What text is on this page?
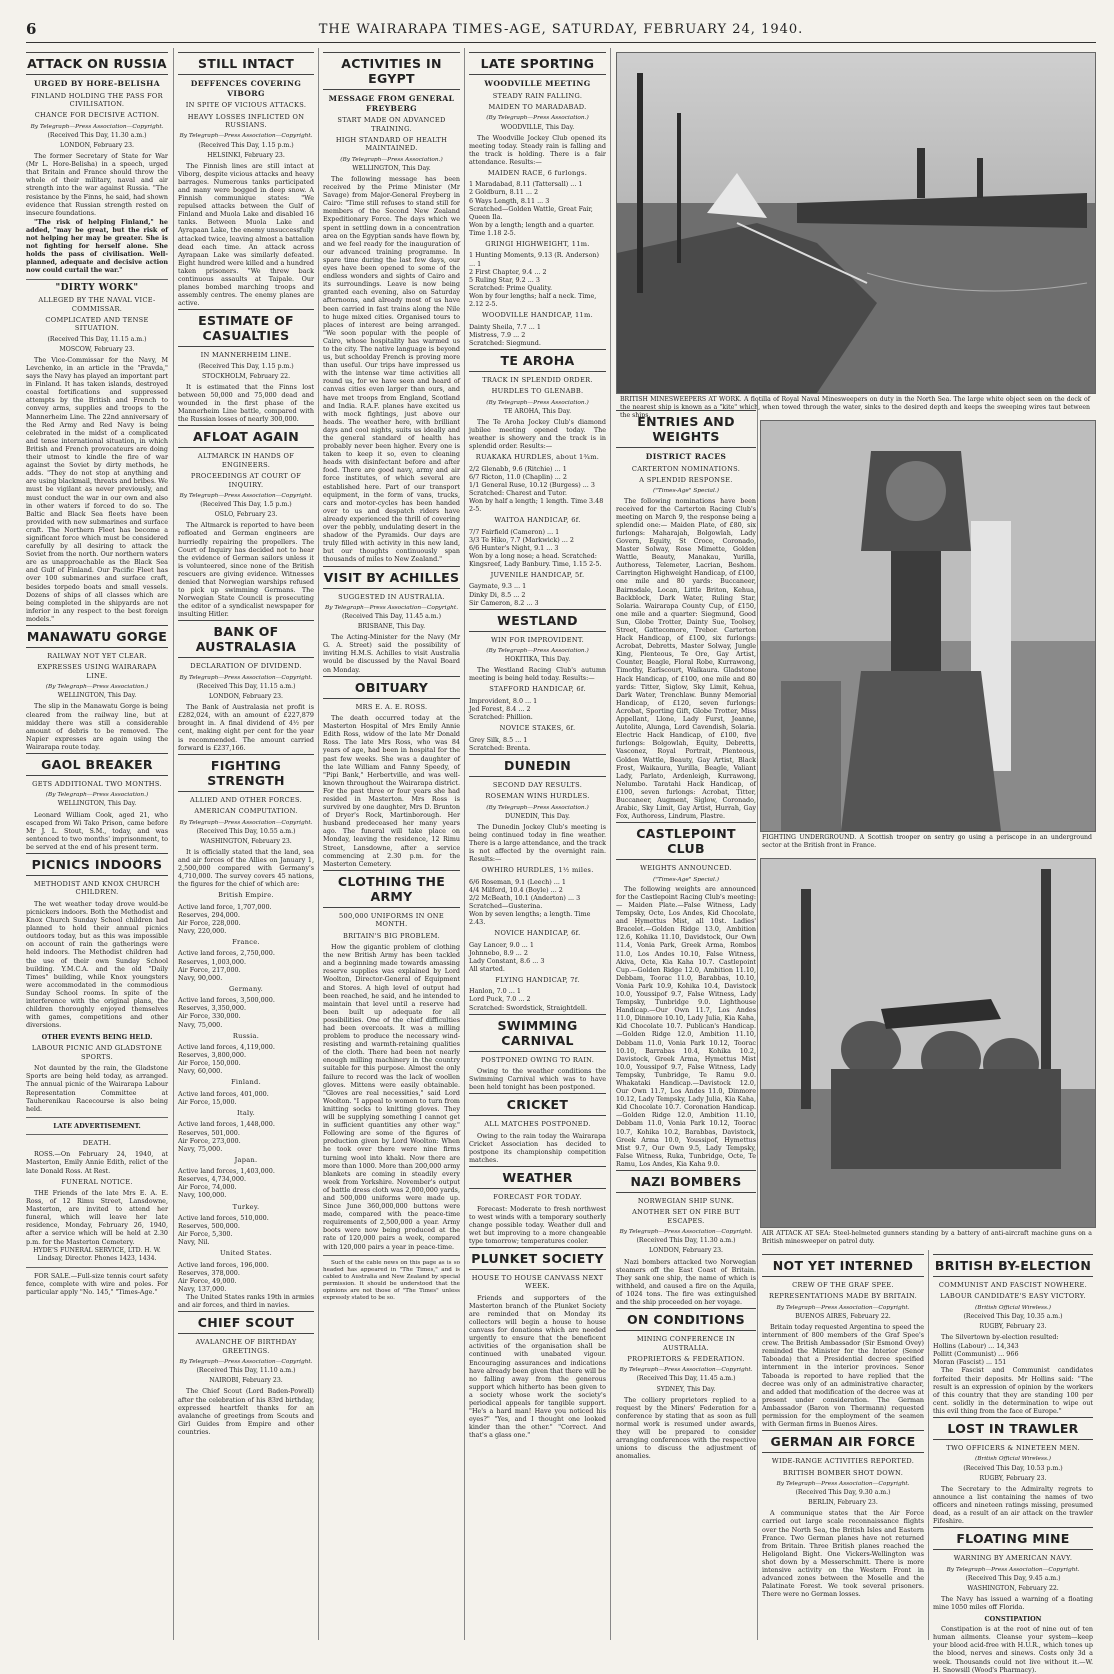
6	THE WAIRARAPA TIMES-AGE, SATURDAY, FEBRUARY 24, 1940.
ATTACK ON RUSSIA
URGED BY HORE-BELISHA
FINLAND HOLDING THE PASS FOR CIVILISATION.
CHANCE FOR DECISIVE ACTION.
By Telegraph—Press Association—Copyright.
(Received This Day, 11.30 a.m.)
LONDON, February 23.

The former Secretary of State for War (Mr L. Hore-Belisha) in a speech, urged that Britain and France should throw the whole of their military, naval and air strength into the war against Russia. "The resistance by the Finns, he said, had shown evidence that Russian strength rested on insecure foundations.

"The risk of helping Finland," he added, "may be great, but the risk of not helping her may be greater. She is not fighting for herself alone. She holds the pass of civilisation. Well-planned, adequate and decisive action now could curtail the war."

"DIRTY WORK"
ALLEGED BY THE NAVAL VICE-COMMISSAR.
COMPLICATED AND TENSE SITUATION.
(Received This Day, 11.15 a.m.)
MOSCOW, February 23.

The Vice-Commissar for the Navy, M Levchenko, in an article in the "Pravda," says the Navy has played an important part in Finland. It has taken islands, destroyed coastal fortifications and suppressed attempts by the British and French to convey arms, supplies and troops to the Mannerheim Line. The 22nd anniversary of the Red Army and Red Navy is being celebrated in the midst of a complicated and tense international situation, in which British and French provocateurs are doing their utmost to kindle the fire of war against the Soviet by dirty methods, he adds. "They do not stop at anything and are using blackmail, threats and bribes. We must be vigilant as never previously, and must conduct the war in our own and also in other waters if forced to do so. The Baltic and Black Sea fleets have been provided with new submarines and surface craft. The Northern Fleet has become a significant force which must be considered carefully by all desiring to attack the Soviet from the north. Our northern waters are as unapproachable as the Black Sea and Gulf of Finland. Our Pacific Fleet has over 100 submarines and surface craft, besides torpedo boats and small vessels. Dozens of ships of all classes which are being completed in the shipyards are not inferior in any respect to the best foreign models."

MANAWATU GORGE
RAILWAY NOT YET CLEAR.
EXPRESSES USING WAIRARAPA LINE.
(By Telegraph—Press Association.)
WELLINGTON, This Day.

The slip in the Manawatu Gorge is being cleared from the railway line, but at midday there was still a considerable amount of debris to be removed. The Napier expresses are again using the Wairarapa route today.

GAOL BREAKER
GETS ADDITIONAL TWO MONTHS.
(By Telegraph—Press Association.)
WELLINGTON, This Day.

Leonard William Cook, aged 21, who escaped from Wi Tako Prison, came before Mr J. L. Stout, S.M., today, and was sentenced to two months' imprisonment, to be served at the end of his present term.

PICNICS INDOORS
METHODIST AND KNOX CHURCH CHILDREN.

The wet weather today drove would-be picnickers indoors. Both the Methodist and Knox Church Sunday School children had planned to hold their annual picnics outdoors today, but as this was impossible on account of rain the gatherings were held indoors. The Methodist children had the use of their own Sunday School building. Y.M.C.A. and the old "Daily Times" building, while Knox youngsters were accommodated in the commodious Sunday School rooms. In spite of the interference with the original plans, the children thoroughly enjoyed themselves with games, competitions and other diversions.

OTHER EVENTS BEING HELD.
LABOUR PICNIC AND GLADSTONE SPORTS.

Not daunted by the rain, the Gladstone Sports are being held today, as arranged. The annual picnic of the Wairarapa Labour Representation Committee at Tauherenikau Racecourse is also being held.

LATE ADVERTISEMENT.
DEATH.

ROSS.—On February 24, 1940, at Masterton, Emily Annie Edith, relict of the late Donald Ross. At Rest.

FUNERAL NOTICE.

THE Friends of the late Mrs E. A. E. Ross, of 12 Rimu Street, Lansdowne, Masterton, are invited to attend her funeral, which will leave her late residence, Monday, February 26, 1940, after a service which will be held at 2.30 p.m. for the Masterton Cemetery.

HYDE'S FUNERAL SERVICE, LTD. H. W. Lindsay, Director. Phones 1423, 1434.

FOR SALE.—Full-size tennis court safety fence, complete with wire and poles. For particular apply "No. 145," "Times-Age."

STILL INTACT
DEFFENCES COVERING VIBORG
IN SPITE OF VICIOUS ATTACKS.
HEAVY LOSSES INFLICTED ON RUSSIANS.
By Telegraph—Press Association—Copyright.
(Received This Day, 1.15 p.m.)
HELSINKI, February 23.

The Finnish lines are still intact at Viborg, despite vicious attacks and heavy barrages. Numerous tanks participated and many were bogged in deep snow. A Finnish communique states: "We repulsed attacks between the Gulf of Finland and Muola Lake and disabled 16 tanks. Between Muola Lake and Ayrapaan Lake, the enemy unsuccessfully attacked twice, leaving almost a battalion dead each time. An attack across Ayrapaan Lake was similarly defeated. Eight hundred were killed and a hundred taken prisoners. "We threw back continuous assaults at Taipale. Our planes bombed marching troops and assembly centres. The enemy planes are active.

ESTIMATE OF CASUALTIES
IN MANNERHEIM LINE.
(Received This Day, 1.15 p.m.)
STOCKHOLM, February 22.

It is estimated that the Finns lost between 50,000 and 75,000 dead and wounded in the first phase of the Mannerheim Line battle, compared with the Russian losses of nearly 300,000.

AFLOAT AGAIN
ALTMARCK IN HANDS OF ENGINEERS.
PROCEEDINGS AT COURT OF INQUIRY.
By Telegraph—Press Association—Copyright.
(Received This Day, 1.5 p.m.)
OSLO, February 23.

The Altmarck is reported to have been refloated and German engineers are hurriedly repairing the propellers. The Court of Inquiry has decided not to hear the evidence of German sailors unless it is volunteered, since none of the British rescuers are giving evidence. Witnesses denied that Norwegian warships refused to pick up swimming Germans. The Norwegian State Council is prosecuting the editor of a syndicalist newspaper for insulting Hitler.

BANK OF AUSTRALASIA
DECLARATION OF DIVIDEND.
By Telegraph—Press Association—Copyright.
(Received This Day, 11.15 a.m.)
LONDON, February 23.

The Bank of Australasia net profit is £282,024, with an amount of £227,879 brought in. A final dividend of 4½ per cent, making eight per cent for the year is recommended. The amount carried forward is £237,166.

FIGHTING STRENGTH
ALLIED AND OTHER FORCES.
AMERICAN COMPUTATION.
By Telegraph—Press Association—Copyright.
(Received This Day, 10.55 a.m.)
WASHINGTON, February 23.

It is officially stated that the land, sea and air forces of the Allies on January 1, 2,500,000 compared with Germany's 4,710,000. The survey covers 45 nations, the figures for the chief of which are:

British Empire.
Active land force, 1,707,000.
Reserves, 294,000.
Air Force, 228,000.
Navy, 220,000.
France.
Active land forces, 2,750,000.
Reserves, 1,003,000.
Air Force, 217,000.
Navy, 90,000.
Germany.
Active land forces, 3,500,000.
Reserves, 3,350,000.
Air Force, 330,000.
Navy, 75,000.
Russia.
Active land forces, 4,119,000.
Reserves, 3,800,000.
Air Force, 150,000.
Navy, 60,000.
Finland.
Active land forces, 401,000.
Air Force, 15,000.
Italy.
Active land forces, 1,448,000.
Reserves, 501,000.
Air Force, 273,000.
Navy, 75,000.
Japan.
Active land forces, 1,403,000.
Reserves, 4,734,000.
Air Force, 74,000.
Navy, 100,000.
Turkey.
Active land forces, 510,000.
Reserves, 500,000.
Air Force, 5,300.
Navy, Nil.
United States.
Active land forces, 196,000.
Reserves, 378,000.
Air Force, 49,000.
Navy, 137,000.

The United States ranks 19th in armies and air forces, and third in navies.

CHIEF SCOUT
AVALANCHE OF BIRTHDAY GREETINGS.
By Telegraph—Press Association—Copyright.
(Received This Day, 11.10 a.m.)
NAIROBI, February 23.

The Chief Scout (Lord Baden-Powell) after the celebration of his 83rd birthday, expressed heartfelt thanks for an avalanche of greetings from Scouts and Girl Guides from Empire and other countries.

ACTIVITIES IN EGYPT
MESSAGE FROM GENERAL FREYBERG
START MADE ON ADVANCED TRAINING.
HIGH STANDARD OF HEALTH MAINTAINED.
(By Telegraph—Press Association.)
WELLINGTON, This Day.

The following message has been received by the Prime Minister (Mr Savage) from Major-General Freyberg in Cairo: "Time still refuses to stand still for members of the Second New Zealand Expeditionary Force. The days which we spent in settling down in a concentration area on the Egyptian sands have flown by, and we feel ready for the inauguration of our advanced training programme. In spare time during the last few days, our eyes have been opened to some of the endless wonders and sights of Cairo and its surroundings. Leave is now being granted each evening, also on Saturday afternoons, and already most of us have been carried in fast trains along the Nile to huge mixed cities. Organised tours to places of interest are being arranged. "We soon popular with the people of Cairo, whose hospitality has warmed us to the city. The native language is beyond us, but schoolday French is proving more than useful. Our trips have impressed us with the intense war time activities all round us, for we have seen and heard of canvas cities even larger than ours, and have met troops from England, Scotland and India. R.A.F. planes have excited us with mock fightings, just above our heads. The weather here, with brilliant days and cool nights, suits us ideally and the general standard of health has probably never been higher. Every one is taken to keep it so, even to cleaning heads with disinfectant before and after food. There are good navy, army and air force institutes, of which several are established here. Part of our transport equipment, in the form of vans, trucks, cars and motor-cycles has been handed over to us and despatch riders have already experienced the thrill of covering over the pebbly, undulating desert in the shadow of the Pyramids. Our days are truly filled with activity in this new land, but our thoughts continuously span thousands of miles to New Zealand."

VISIT BY ACHILLES
SUGGESTED IN AUSTRALIA.
By Telegraph—Press Association—Copyright.
(Received This Day, 11.45 a.m.)
BRISBANE, This Day.

The Acting-Minister for the Navy (Mr G. A. Street) said the possibility of inviting H.M.S. Achilles to visit Australia would be discussed by the Naval Board on Monday.

OBITUARY
MRS E. A. E. ROSS.

The death occurred today at the Masterton Hospital of Mrs Emily Annie Edith Ross, widow of the late Mr Donald Ross. The late Mrs Ross, who was 84 years of age, had been in hospital for the past few weeks. She was a daughter of the late William and Fanny Speedy, of "Pipi Bank," Herbertville, and was well-known throughout the Wairarapa district. For the past three or four years she had resided in Masterton. Mrs Ross is survived by one daughter, Mrs D. Brunton of Dryer's Rock, Martinborough. Her husband predeceased her many years ago. The funeral will take place on Monday, leaving the residence, 12 Rimu Street, Lansdowne, after a service commencing at 2.30 p.m. for the Masterton Cemetery.

CLOTHING THE ARMY
500,000 UNIFORMS IN ONE MONTH.
BRITAIN'S BIG PROBLEM.

How the gigantic problem of clothing the new British Army has been tackled and a beginning made towards amassing reserve supplies was explained by Lord Woolton, Director-General of Equipment and Stores. A high level of output had been reached, he said, and he intended to maintain that level until a reserve had been built up adequate for all possibilities. One of the chief difficulties had been overcoats. It was a milling problem to produce the necessary wind-resisting and warmth-retaining qualities of the cloth. There had been not nearly enough milling machinery in the country suitable for this purpose. Almost the only failure to record was the lack of woollen gloves. Mittens were easily obtainable. "Gloves are real necessities," said Lord Woolton. "I appeal to women to turn from knitting socks to knitting gloves. They will be supplying something I cannot get in sufficient quantities any other way." Following are some of the figures of production given by Lord Woolton: When he took over there were nine firms turning wool into khaki. Now there are more than 1000. More than 200,000 army blankets are coming in steadily every week from Yorkshire. November's output of battle dress cloth was 2,000,000 yards, and 500,000 uniforms were made up. Since June 360,000,000 buttons were made, compared with the peace-time requirements of 2,500,000 a year. Army boots were now being produced at the rate of 120,000 pairs a week, compared with 120,000 pairs a year in peace-time.

Such of the cable news on this page as is so headed has appeared in "The Times," and is cabled to Australia and New Zealand by special permission. It should be understood that the opinions are not those of "The Times" unless expressly stated to be so.

LATE SPORTING
WOODVILLE MEETING
STEADY RAIN FALLING.
MAIDEN TO MARADABAD.
(By Telegraph—Press Association.)
WOODVILLE, This Day.

The Woodville Jockey Club opened its meeting today. Steady rain is falling and the track is holding. There is a fair attendance. Results:—

MAIDEN RACE, 6 furlongs.
1 Maradabad, 8.11 (Tattersall) ... 1
2 Goldburn, 8.11 ... 2
6 Ways Length, 8.11 ... 3
Scratched—Golden Wattle, Great Fair, Queen Ila.
Won by a length; length and a quarter. Time 1.18 2-5.
GRINGI HIGHWEIGHT, 11m.
1 Hunting Moments, 9.13 (R. Anderson) ... 1
2 First Chapter, 9.4 ... 2
5 Ruling Star, 9.2 ... 3
Scratched: Prime Quality.
Won by four lengths; half a neck. Time, 2.12 2-5.
WOODVILLE HANDICAP, 11m.
Dainty Sheila, 7.7 ... 1
Mistress, 7.9 ... 2
Scratched: Siegmund.
TE AROHA
TRACK IN SPLENDID ORDER.
HURDLES TO GLENABB.
(By Telegraph—Press Association.)
TE AROHA, This Day.

The Te Aroha Jockey Club's diamond jubilee meeting opened today. The weather is showery and the track is in splendid order. Results:—

RUAKAKA HURDLES, about 1¾m.
2/2 Glenabb, 9.6 (Ritchie) ... 1
6/7 Ricton, 11.0 (Chaplin) ... 2
1/1 General Ruse, 10.12 (Burgess) ... 3
Scratched: Charest and Tutor.
Won by half a length; 1 length. Time 3.48 2-5.
WAITOA HANDICAP, 6f.
7/7 Fairfield (Cameron) ... 1
3/3 Te Hiko, 7.7 (Markwick) ... 2
6/6 Hunter's Night, 9.1 ... 3
Won by a long nose; a head. Scratched: Kingsreef, Lady Banbury. Time, 1.15 2-5.
JUVENILE HANDICAP, 5f.
Gaymate, 9.3 ... 1
Dinky Di, 8.5 ... 2
Sir Cameron, 8.2 ... 3
WESTLAND
WIN FOR IMPROVIDENT.
(By Telegraph—Press Association.)
HOKITIKA, This Day.

The Westland Racing Club's autumn meeting is being held today. Results:—

STAFFORD HANDICAP, 6f.
Improvident, 8.0 ... 1
Jed Forest, 8.4 ... 2
Scratched: Phillion.
NOVICE STAKES, 6f.
Grey Silk, 8.5 ... 1
Scratched: Brenta.
DUNEDIN
SECOND DAY RESULTS.
ROSEMAN WINS HURDLES.
(By Telegraph—Press Association.)
DUNEDIN, This Day.

The Dunedin Jockey Club's meeting is being continued today in fine weather. There is a large attendance, and the track is not affected by the overnight rain. Results:—

OWHIRO HURDLES, 1½ miles.
6/6 Roseman, 9.1 (Leech) ... 1
4/4 Milford, 10.4 (Boyle) ... 2
2/2 McBeath, 10.1 (Anderton) ... 3
Scratched—Gusterina.
Won by seven lengths; a length. Time 2.43.
NOVICE HANDICAP, 6f.
Gay Lancer, 9.0 ... 1
Johnnebo, 8.9 ... 2
Lady Constant, 8.6 ... 3
All started.
FLYING HANDICAP, 7f.
Hanlon, 7.0 ... 1
Lord Puck, 7.0 ... 2
Scratched: Swordstick, Straightdell.
SWIMMING CARNIVAL
POSTPONED OWING TO RAIN.

Owing to the weather conditions the Swimming Carnival which was to have been held tonight has been postponed.

CRICKET
ALL MATCHES POSTPONED.

Owing to the rain today the Wairarapa Cricket Association has decided to postpone its championship competition matches.

WEATHER
FORECAST FOR TODAY.

Forecast: Moderate to fresh northwest to west winds with a temporary southerly change possible today. Weather dull and wet but improving to a more changeable type tomorrow; temperatures cooler.

PLUNKET SOCIETY
HOUSE TO HOUSE CANVASS NEXT WEEK.

Friends and supporters of the Masterton branch of the Plunket Society are reminded that on Monday its collectors will begin a house to house canvass for donations which are needed urgently to ensure that the beneficent activities of the organisation shall be continued with unabated vigour. Encouraging assurances and indications have already been given that there will be no falling away from the generous support which hitherto has been given to a society whose work the society's periodical appeals for tangible support. "He's a hard man! Have you noticed his eyes?" "Yes, and I thought one looked kinder than the other." "Correct. And that's a glass one."

BRITISH MINESWEEPERS AT WORK. A flotilla of Royal Naval Minesweepers on duty in the North Sea. The large white object seen on the deck of the nearest ship is known as a "kite" which, when towed through the water, sinks to the desired depth and keeps the sweeping wires taut between the ships.
FIGHTING UNDERGROUND. A Scottish trooper on sentry go using a periscope in an underground sector at the British front in France.
AIR ATTACK AT SEA: Steel-helmeted gunners standing by a battery of anti-aircraft machine guns on a British minesweeper on patrol duty.
ENTRIES AND WEIGHTS
DISTRICT RACES
CARTERTON NOMINATIONS.
A SPLENDID RESPONSE.
("Times-Age" Special.)

The following nominations have been received for the Carterton Racing Club's meeting on March 9, the response being a splendid one:— Maiden Plate, of £80, six furlongs: Maharajah, Bolgowlah, Lady Govern, Equity, St Croce, Coronado, Master Solway, Rose Mimette, Golden Wattle, Beauty, Manakau, Yurilla, Authoress, Telemeter, Lacrian, Beshom. Carrington Highweight Handicap, of £100, one mile and 80 yards: Buccaneer, Bairnsdale, Locan, Little Briton, Kehua, Backblock, Dark Water, Ruling Star, Solaria. Wairarapa County Cup, of £150, one mile and a quarter: Siegmund, Good Sun, Globe Trotter, Dainty Sue, Toolsey, Street, Gattecomore, Trebor. Carterton Hack Handicap, of £100, six furlongs: Acrobat, Debretts, Master Solway, Jungle King, Plenteous, Te Ore, Gay Artist, Counter, Beagle, Floral Robe, Kurrawong, Timothy, Earlscourt, Walkaura. Gladstone Hack Handicap, of £100, one mile and 80 yards: Titter, Siglow, Sky Limit, Kehua, Dark Water, Trenchlaw. Bunny Memorial Handicap, of £120, seven furlongs: Acrobat, Sporting Gift, Globe Trotter, Miss Appellant, Llone, Lady Furst, Jeanne, Autolite, Alunga, Lord Cavendish, Solaria. Electric Hack Handicap, of £100, five furlongs: Bolgowlah, Equity, Debretts, Vasconez, Royal Portrait, Plenteous, Golden Wattle, Beauty, Gay Artist, Black Frost, Waikaura, Yurilla, Beagle, Valiant Lady, Parlato, Ardenleigh, Kurrawong, Nelumbo. Taratahi Hack Handicap, of £100, seven furlongs: Acrobat, Titter, Buccaneer, Augment, Siglow, Coronado, Arabic, Sky Limit, Gay Artist, Hurrah, Gay Fox, Authoress, Lindrum, Plastre.

CASTLEPOINT CLUB
WEIGHTS ANNOUNCED.
("Times-Age" Special.)

The following weights are announced for the Castlepoint Racing Club's meeting:— Maiden Plate.—False Witness, Lady Tempsky, Octe, Los Andes, Kid Chocolate, and Hymettus Mist, all 10st. Ladies' Bracelet.—Golden Ridge 13.0, Ambition 12.6, Kohika 11.10, Davidstock, Our Own 11.4, Vonia Park, Greek Arma, Rombos 11.0, Los Andes 10.10, False Witness, Akiva, Octe, Kia Kaha 10.7. Castlepoint Cup.—Golden Ridge 12.0, Ambition 11.10, Debbam, Toorac 11.0, Barabbas, 10.10, Vonia Park 10.9, Kohika 10.4, Davistock 10.0, Youssipof 9.7, False Witness, Lady Tempsky, Tunbridge 9.0. Lighthouse Handicap.—Our Own 11.7, Los Andes 11.0, Dinmore 10.10, Lady Julia, Kia Kaha, Kid Chocolate 10.7. Publican's Handicap.—Golden Ridge 12.0, Ambition 11.10, Debbam 11.0, Vonia Park 10.12, Toorac 10.10, Barrabas 10.4, Kohika 10.2, Davistock, Greek Arma, Hymettus Mist 10.0, Youssipof 9.7, False Witness, Lady Tempsky, Tunbridge, Te Ramu 9.0. Whakataki Handicap.—Davistock 12.0, Our Own 11.7, Los Andes 11.0, Dinmore 10.12, Lady Tempsky, Lady Julia, Kia Kaha, Kid Chocolate 10.7. Coronation Handicap.—Golden Ridge 12.0, Ambition 11.10, Debbam 11.0, Vonia Park 10.12, Toorac 10.7, Kohika 10.2, Barabbas, Davistock, Greek Arma 10.0, Youssipof, Hymettus Mist 9.7, Our Own 9.5, Lady Tempsky, False Witness, Ruka, Tunbridge, Octe, Te Ramu, Los Andes, Kia Kaha 9.0.

NAZI BOMBERS
NORWEGIAN SHIP SUNK.
ANOTHER SET ON FIRE BUT ESCAPES.
By Telegraph—Press Association—Copyright.
(Received This Day, 11.30 a.m.)
LONDON, February 23.

Nazi bombers attacked two Norwegian steamers off the East Coast of Britain. They sank one ship, the name of which is withheld, and caused a fire on the Aquila, of 1024 tons. The fire was extinguished and the ship proceeded on her voyage.

ON CONDITIONS
MINING CONFERENCE IN AUSTRALIA.
PROPRIETORS & FEDERATION.
By Telegraph—Press Association—Copyright.
(Received This Day, 11.45 a.m.)
SYDNEY, This Day.

The colliery proprietors replied to a request by the Miners' Federation for a conference by stating that as soon as full normal work is resumed under awards, they will be prepared to consider arranging conferences with the respective unions to discuss the adjustment of anomalies.

NOT YET INTERNED
CREW OF THE GRAF SPEE.
REPRESENTATIONS MADE BY BRITAIN.
By Telegraph—Press Association—Copyright.
BUENOS AIRES, February 22.

Britain today requested Argentina to speed the internment of 800 members of the Graf Spee's crew. The British Ambassador (Sir Esmond Ovey) reminded the Minister for the Interior (Senor Taboada) that a Presidential decree specified internment in the interior provinces. Senor Taboada is reported to have replied that the decree was only of an administrative character, and added that modification of the decree was at present under consideration. The German Ambassador (Baron von Thermann) requested permission for the employment of the seamen with German firms in Buenos Aires.

GERMAN AIR FORCE
WIDE-RANGE ACTIVITIES REPORTED.
BRITISH BOMBER SHOT DOWN.
By Telegraph—Press Association—Copyright.
(Received This Day, 9.30 a.m.)
BERLIN, February 23.

A communique states that the Air Force carried out large scale reconnaissance flights over the North Sea, the British Isles and Eastern France. Two German planes have not returned from Britain. Three British planes reached the Heligoland Bight. One Vickers-Wellington was shot down by a Messerschmitt. There is more intensive activity on the Western Front in advanced zones between the Moselle and the Palatinate Forest. We took several prisoners. There were no German losses.

BRITISH BY-ELECTION
COMMUNIST AND FASCIST NOWHERE.
LABOUR CANDIDATE'S EASY VICTORY.
(British Official Wireless.)
(Received This Day, 10.35 a.m.)
RUGBY, February 23.

The Silvertown by-election resulted:

Hollins (Labour) ... 14,343
Pollitt (Communist) ... 966
Moran (Fascist) ... 151

The Fascist and Communist candidates forfeited their deposits. Mr Hollins said: "The result is an expression of opinion by the workers of this country that they are standing 100 per cent. solidly in the determination to wipe out this evil thing from the face of Europe."

LOST IN TRAWLER
TWO OFFICERS & NINETEEN MEN.
(British Official Wireless.)
(Received This Day, 10.53 p.m.)
RUGBY, February 23.

The Secretary to the Admiralty regrets to announce a list containing the names of two officers and nineteen ratings missing, presumed dead, as a result of an air attack on the trawler Fifeshire.

FLOATING MINE
WARNING BY AMERICAN NAVY.
By Telegraph—Press Association—Copyright.
(Received This Day, 9.45 a.m.)
WASHINGTON, February 22.

The Navy has issued a warning of a floating mine 1050 miles off Florida.

CONSTIPATION

Constipation is at the root of nine out of ten human ailments. Cleanse your system—keep your blood acid-free with H.U.R., which tones up the blood, nerves and sinews. Costs only 3d a week. Thousands could not live without it.—W. H. Snowsill (Wood's Pharmacy).
